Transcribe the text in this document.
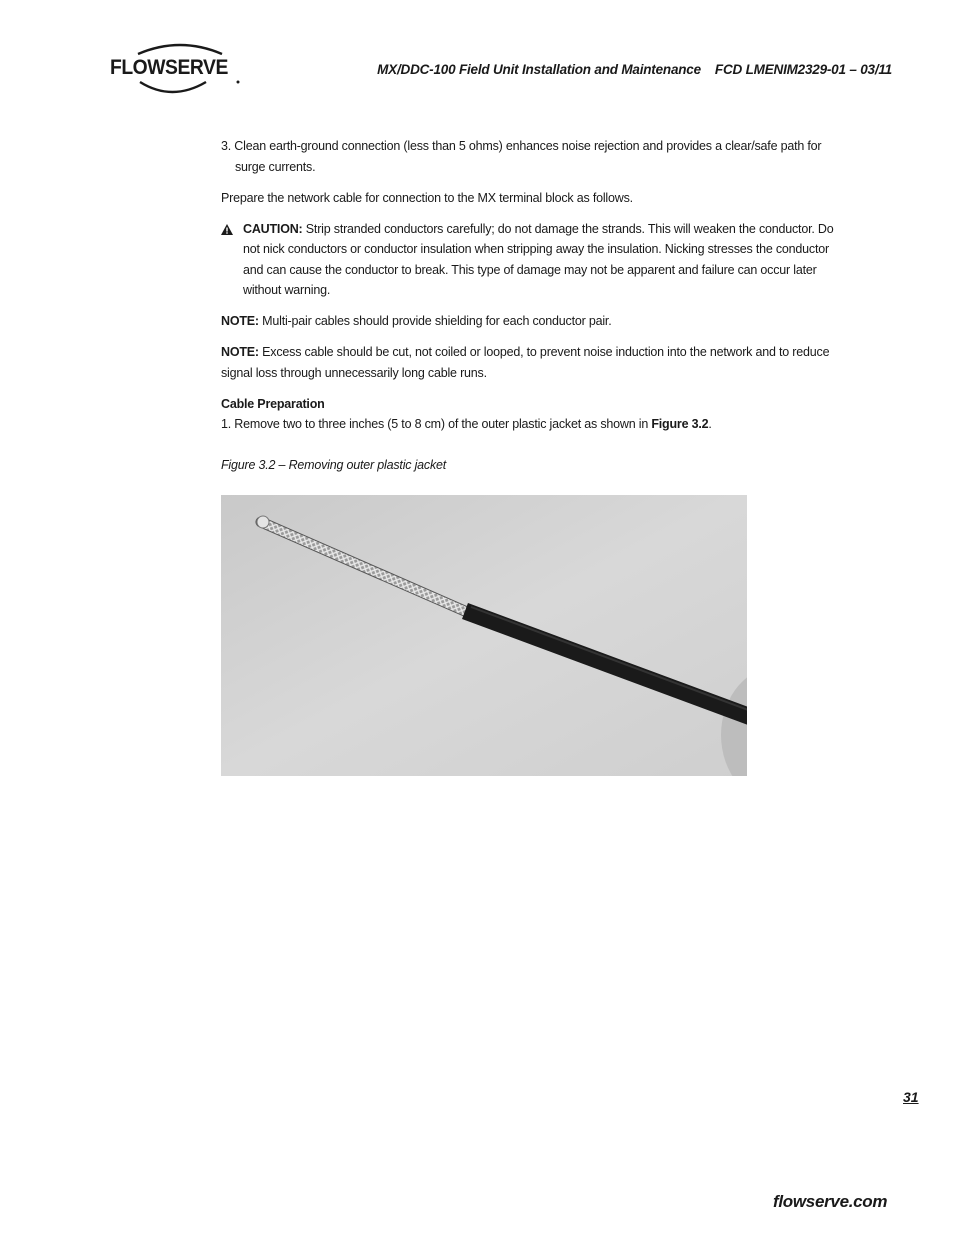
FLOWSERVE	MX/DDC-100 Field Unit Installation and Maintenance FCD LMENIM2329-01 – 03/11

3. Clean earth-ground connection (less than 5 ohms) enhances noise rejection and provides a clear/safe path for surge currents.

Prepare the network cable for connection to the MX terminal block as follows.

CAUTION: Strip stranded conductors carefully; do not damage the strands. This will weaken the conductor. Do not nick conductors or conductor insulation when stripping away the insulation. Nicking stresses the conductor and can cause the conductor to break. This type of damage may not be apparent and failure can occur later without warning.

NOTE: Multi-pair cables should provide shielding for each conductor pair.

NOTE: Excess cable should be cut, not coiled or looped, to prevent noise induction into the network and to reduce signal loss through unnecessarily long cable runs.

Cable Preparation

1. Remove two to three inches (5 to 8 cm) of the outer plastic jacket as shown in Figure 3.2.

Figure 3.2 – Removing outer plastic jacket

31
flowserve.com
